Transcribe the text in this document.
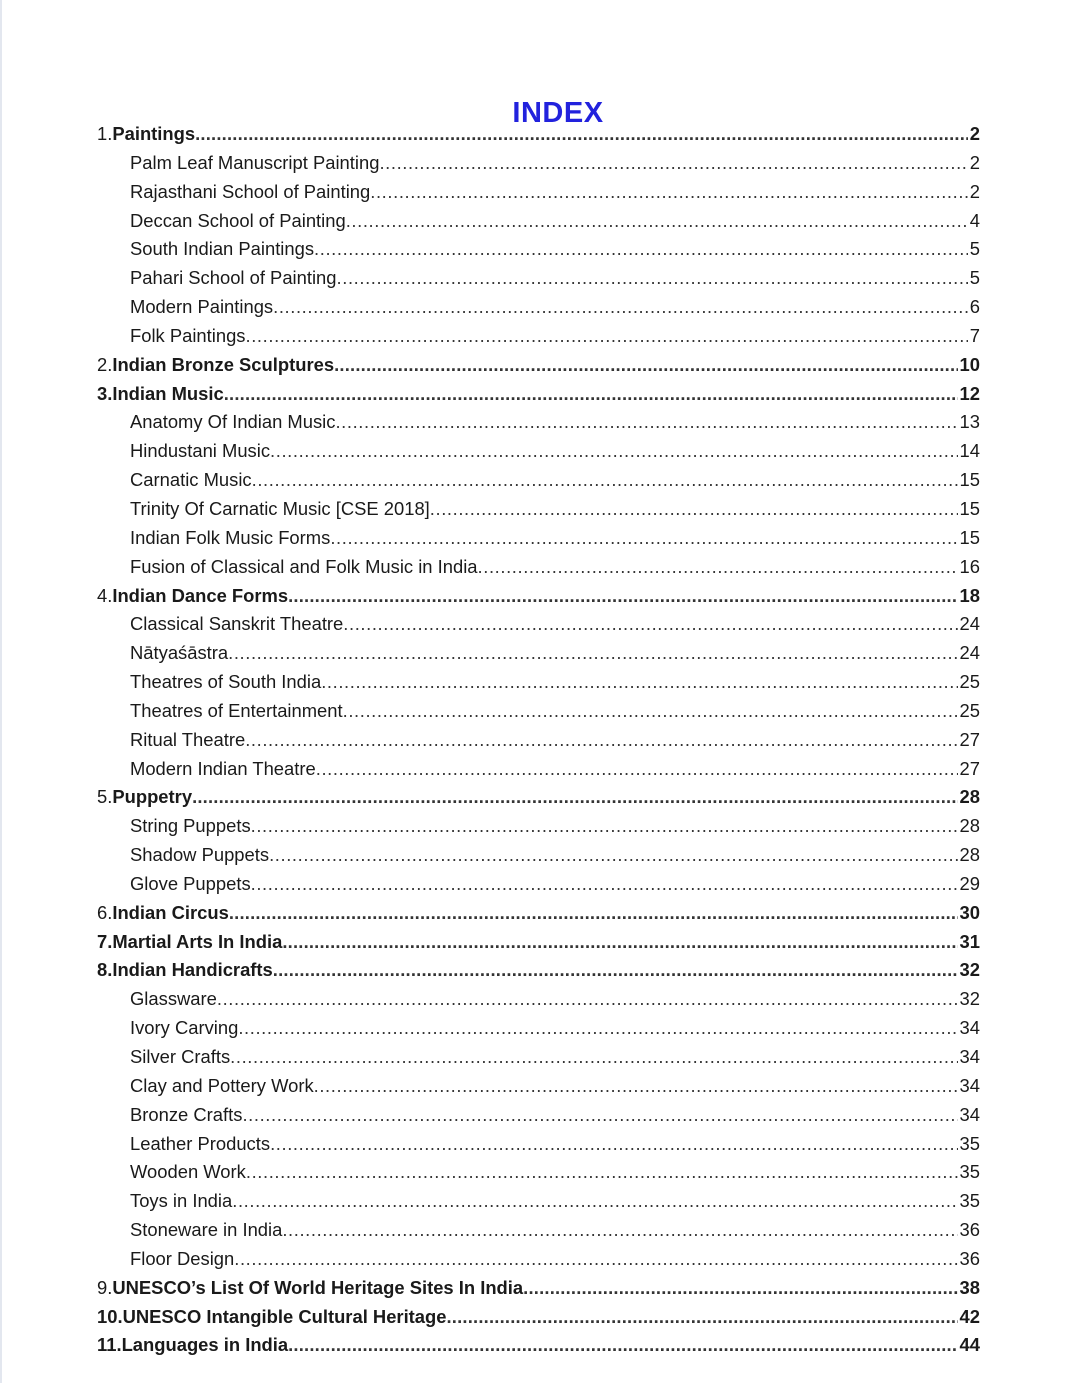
INDEX
1.Paintings .....	2
Palm Leaf Manuscript Painting .....	2
Rajasthani School of Painting .....	2
Deccan School of Painting .....	4
South Indian Paintings .....	5
Pahari School of Painting .....	5
Modern Paintings .....	6
Folk Paintings .....	7
2.Indian Bronze Sculptures .....	10
3.Indian Music .....	12
Anatomy Of Indian Music .....	13
Hindustani Music .....	14
Carnatic Music .....	15
Trinity Of Carnatic Music [CSE 2018] .....	15
Indian Folk Music Forms .....	15
Fusion of Classical and Folk Music in India .....	16
4.Indian Dance Forms .....	18
Classical Sanskrit Theatre .....	24
Nātyaśāstra .....	24
Theatres of South India .....	25
Theatres of Entertainment .....	25
Ritual Theatre .....	27
Modern Indian Theatre .....	27
5.Puppetry .....	28
String Puppets .....	28
Shadow Puppets .....	28
Glove Puppets .....	29
6.Indian Circus .....	30
7.Martial Arts In India .....	31
8.Indian Handicrafts .....	32
Glassware .....	32
Ivory Carving .....	34
Silver Crafts .....	34
Clay and Pottery Work .....	34
Bronze Crafts .....	34
Leather Products .....	35
Wooden Work .....	35
Toys in India .....	35
Stoneware in India .....	36
Floor Design .....	36
9.UNESCO’s List Of World Heritage Sites In India .....	38
10.UNESCO Intangible Cultural Heritage .....	42
11.Languages in India .....	44
